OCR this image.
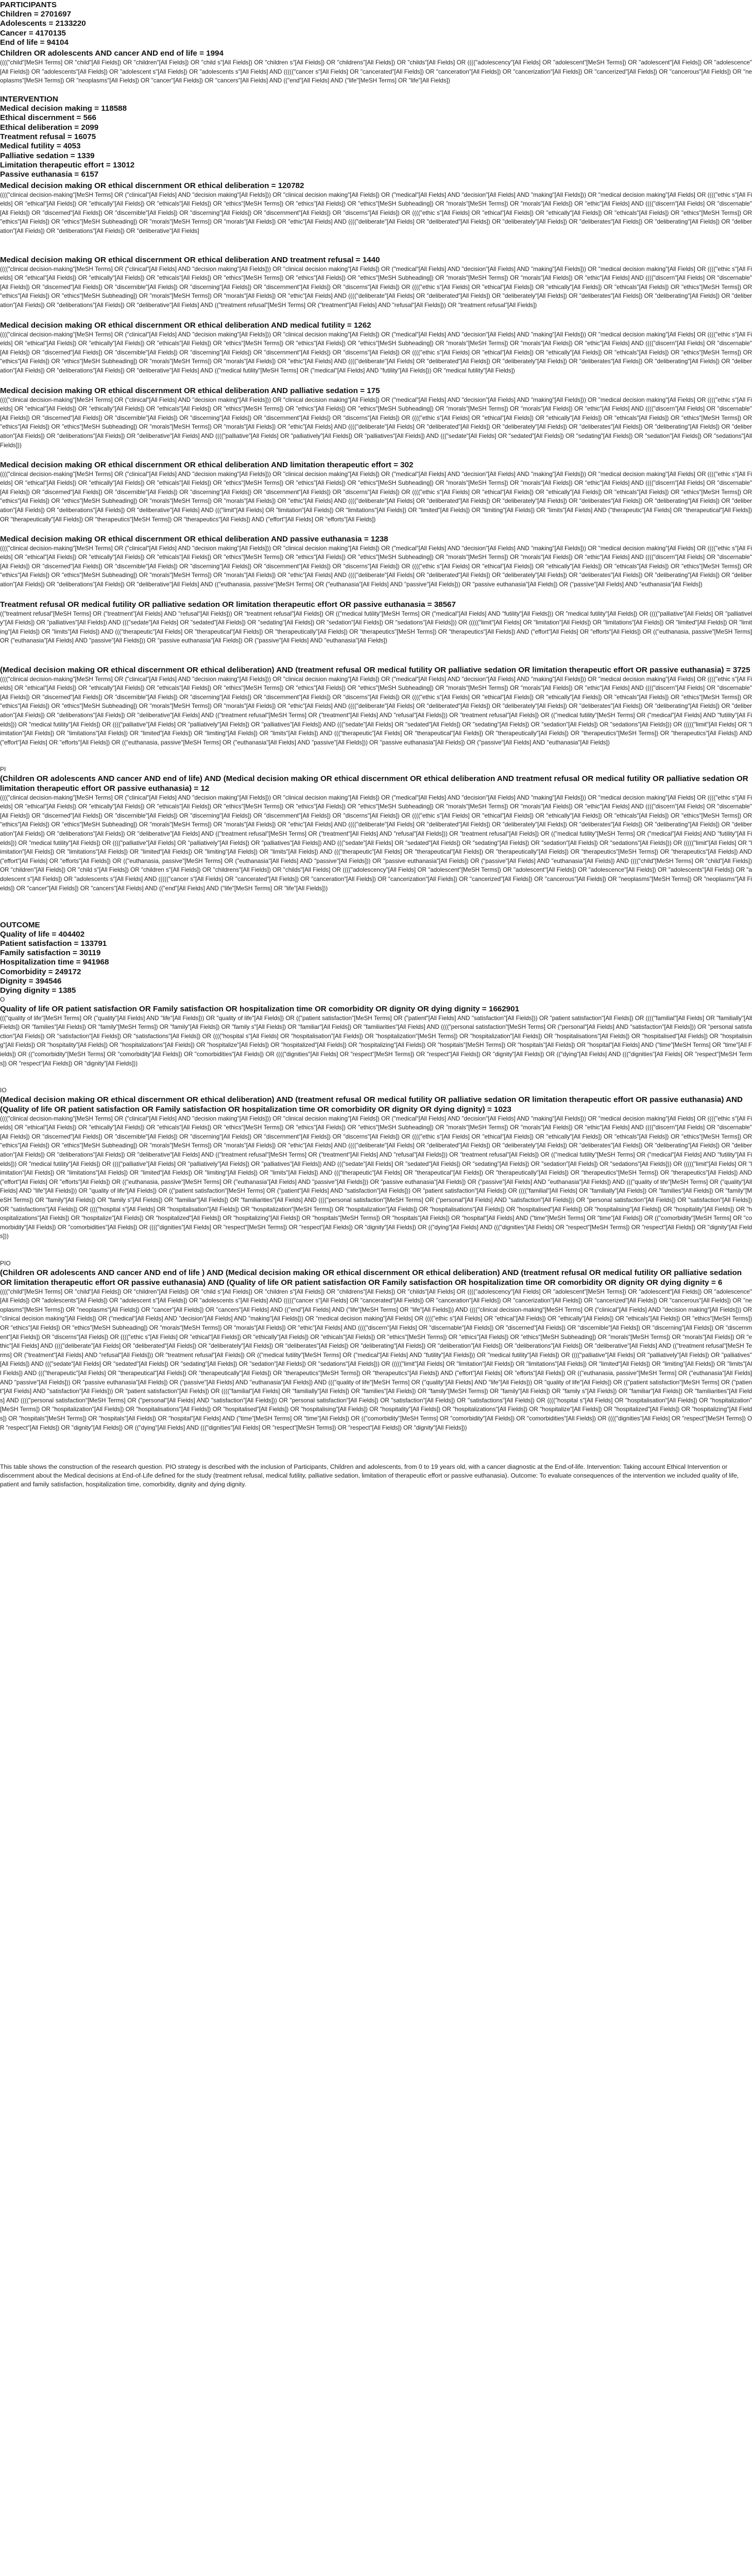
PARTICIPANTS
Children = 2701697
Adolescents = 2133220
Cancer = 4170135
End of life = 94104
Children OR adolescents AND cancer AND end of life = 1994
(((("child"[MeSH Terms] OR "child"[All Fields]) OR "children"[All Fields]) OR "child s"[All Fields]) OR "children s"[All Fields]) OR "childrens"[All Fields]) OR "childs"[All Fields] OR (((("adolescency"[All Fields] OR "adolescent"[MeSH Terms]) OR "adolescent"[All Fields]) OR "adolescence"[All Fields]) OR "adolescents"[All Fields]) OR "adolescent s"[All Fields]) OR "adolescents s"[All Fields] AND ((((("cancer s"[All Fields] OR "cancerated"[All Fields]) OR "canceration"[All Fields]) OR "cancerization"[All Fields]) OR "cancerized"[All Fields]) OR "cancerous"[All Fields]) OR "neoplasms"[MeSH Terms]) OR "neoplasms"[All Fields]) OR "cancer"[All Fields]) OR "cancers"[All Fields] AND (("end"[All Fields] AND ("life"[MeSH Terms] OR "life"[All Fields])
INTERVENTION
Medical decision making = 118588
Ethical discernment = 566
Ethical deliberation = 2099
Treatment refusal = 16075
Medical futility = 4053
Palliative sedation = 1339
Limitation therapeutic effort = 13012
Passive euthanasia = 6157
Medical decision making OR ethical discernment OR ethical deliberation = 120782
(((("clinical decision-making"[MeSH Terms] OR ("clinical"[All Fields] AND "decision making"[All Fields])) OR "clinical decision making"[All Fields]) OR ("medical"[All Fields] AND "decision"[All Fields] AND "making"[All Fields])) OR "medical decision making"[All Fields] OR (((("ethic s"[All Fields] OR "ethical"[All Fields]) OR "ethically"[All Fields]) OR "ethicals"[All Fields]) OR "ethics"[MeSH Terms]) OR "ethics"[All Fields]) OR "ethics"[MeSH Subheading]) OR "morals"[MeSH Terms]) OR "morals"[All Fields]) OR "ethic"[All Fields] AND (((("discern"[All Fields] OR "discernable"[All Fields]) OR "discerned"[All Fields]) OR "discernible"[All Fields]) OR "discerning"[All Fields]) OR "discernment"[All Fields]) OR "discerns"[All Fields]) OR (((("ethic s"[All Fields] OR "ethical"[All Fields]) OR "ethically"[All Fields]) OR "ethicals"[All Fields]) OR "ethics"[MeSH Terms]) OR "ethics"[All Fields]) OR "ethics"[MeSH Subheading]) OR "morals"[MeSH Terms]) OR "morals"[All Fields]) OR "ethic"[All Fields] AND (((("deliberate"[All Fields] OR "deliberated"[All Fields]) OR "deliberately"[All Fields]) OR "deliberates"[All Fields]) OR "deliberating"[All Fields]) OR "deliberation"[All Fields]) OR "deliberations"[All Fields]) OR "deliberative"[All Fields]
Medical decision making OR ethical discernment OR ethical deliberation AND treatment refusal = 1440
(((("clinical decision-making"[MeSH Terms] OR ("clinical"[All Fields] AND "decision making"[All Fields])) OR "clinical decision making"[All Fields]) OR ("medical"[All Fields] AND "decision"[All Fields] AND "making"[All Fields])) OR "medical decision making"[All Fields] OR (((("ethic s"[All Fields] OR "ethical"[All Fields]) OR "ethically"[All Fields]) OR "ethicals"[All Fields]) OR "ethics"[MeSH Terms]) OR "ethics"[All Fields]) OR "ethics"[MeSH Subheading]) OR "morals"[MeSH Terms]) OR "morals"[All Fields]) OR "ethic"[All Fields] AND (((("discern"[All Fields] OR "discernable"[All Fields]) OR "discerned"[All Fields]) OR "discernible"[All Fields]) OR "discerning"[All Fields]) OR "discernment"[All Fields]) OR "discerns"[All Fields]) OR (((("ethic s"[All Fields] OR "ethical"[All Fields]) OR "ethically"[All Fields]) OR "ethicals"[All Fields]) OR "ethics"[MeSH Terms]) OR "ethics"[All Fields]) OR "ethics"[MeSH Subheading]) OR "morals"[MeSH Terms]) OR "morals"[All Fields]) OR "ethic"[All Fields] AND (((("deliberate"[All Fields] OR "deliberated"[All Fields]) OR "deliberately"[All Fields]) OR "deliberates"[All Fields]) OR "deliberating"[All Fields]) OR "deliberation"[All Fields]) OR "deliberations"[All Fields]) OR "deliberative"[All Fields] AND (("treatment refusal"[MeSH Terms] OR ("treatment"[All Fields] AND "refusal"[All Fields])) OR "treatment refusal"[All Fields])
Medical decision making OR ethical discernment OR ethical deliberation AND medical futility = 1262
(((("clinical decision-making"[MeSH Terms] OR ("clinical"[All Fields] AND "decision making"[All Fields])) OR "clinical decision making"[All Fields]) OR ("medical"[All Fields] AND "decision"[All Fields] AND "making"[All Fields])) OR "medical decision making"[All Fields] OR (((("ethic s"[All Fields] OR "ethical"[All Fields]) OR "ethically"[All Fields]) OR "ethicals"[All Fields]) OR "ethics"[MeSH Terms]) OR "ethics"[All Fields]) OR "ethics"[MeSH Subheading]) OR "morals"[MeSH Terms]) OR "morals"[All Fields]) OR "ethic"[All Fields] AND (((("discern"[All Fields] OR "discernable"[All Fields]) OR "discerned"[All Fields]) OR "discernible"[All Fields]) OR "discerning"[All Fields]) OR "discernment"[All Fields]) OR "discerns"[All Fields]) OR (((("ethic s"[All Fields] OR "ethical"[All Fields]) OR "ethically"[All Fields]) OR "ethicals"[All Fields]) OR "ethics"[MeSH Terms]) OR "ethics"[All Fields]) OR "ethics"[MeSH Subheading]) OR "morals"[MeSH Terms]) OR "morals"[All Fields]) OR "ethic"[All Fields] AND (((("deliberate"[All Fields] OR "deliberated"[All Fields]) OR "deliberately"[All Fields]) OR "deliberates"[All Fields]) OR "deliberating"[All Fields]) OR "deliberation"[All Fields]) OR "deliberations"[All Fields]) OR "deliberative"[All Fields] AND (("medical futility"[MeSH Terms] OR ("medical"[All Fields] AND "futility"[All Fields])) OR "medical futility"[All Fields])
Medical decision making OR ethical discernment OR ethical deliberation AND palliative sedation = 175
(((("clinical decision-making"[MeSH Terms] OR ("clinical"[All Fields] AND "decision making"[All Fields])) OR "clinical decision making"[All Fields]) OR ("medical"[All Fields] AND "decision"[All Fields] AND "making"[All Fields])) OR "medical decision making"[All Fields] OR (((("ethic s"[All Fields] OR "ethical"[All Fields]) OR "ethically"[All Fields]) OR "ethicals"[All Fields]) OR "ethics"[MeSH Terms]) OR "ethics"[All Fields]) OR "ethics"[MeSH Subheading]) OR "morals"[MeSH Terms]) OR "morals"[All Fields]) OR "ethic"[All Fields] AND (((("discern"[All Fields] OR "discernable"[All Fields]) OR "discerned"[All Fields]) OR "discernible"[All Fields]) OR "discerning"[All Fields]) OR "discernment"[All Fields]) OR "discerns"[All Fields]) OR (((("ethic s"[All Fields] OR "ethical"[All Fields]) OR "ethically"[All Fields]) OR "ethicals"[All Fields]) OR "ethics"[MeSH Terms]) OR "ethics"[All Fields]) OR "ethics"[MeSH Subheading]) OR "morals"[MeSH Terms]) OR "morals"[All Fields]) OR "ethic"[All Fields] AND (((("deliberate"[All Fields] OR "deliberated"[All Fields]) OR "deliberately"[All Fields]) OR "deliberates"[All Fields]) OR "deliberating"[All Fields]) OR "deliberation"[All Fields]) OR "deliberations"[All Fields]) OR "deliberative"[All Fields] AND (((("palliative"[All Fields] OR "palliatively"[All Fields]) OR "palliatives"[All Fields]) AND ((("sedate"[All Fields] OR "sedated"[All Fields]) OR "sedating"[All Fields]) OR "sedation"[All Fields]) OR "sedations"[All Fields]))
Medical decision making OR ethical discernment OR ethical deliberation AND limitation therapeutic effort = 302
(((("clinical decision-making"[MeSH Terms] OR ("clinical"[All Fields] AND "decision making"[All Fields])) OR "clinical decision making"[All Fields]) OR ("medical"[All Fields] AND "decision"[All Fields] AND "making"[All Fields])) OR "medical decision making"[All Fields] OR (((("ethic s"[All Fields] OR "ethical"[All Fields]) OR "ethically"[All Fields]) OR "ethicals"[All Fields]) OR "ethics"[MeSH Terms]) OR "ethics"[All Fields]) OR "ethics"[MeSH Subheading]) OR "morals"[MeSH Terms]) OR "morals"[All Fields]) OR "ethic"[All Fields] AND (((("discern"[All Fields] OR "discernable"[All Fields]) OR "discerned"[All Fields]) OR "discernible"[All Fields]) OR "discerning"[All Fields]) OR "discernment"[All Fields]) OR "discerns"[All Fields]) OR (((("ethic s"[All Fields] OR "ethical"[All Fields]) OR "ethically"[All Fields]) OR "ethicals"[All Fields]) OR "ethics"[MeSH Terms]) OR "ethics"[All Fields]) OR "ethics"[MeSH Subheading]) OR "morals"[MeSH Terms]) OR "morals"[All Fields]) OR "ethic"[All Fields] AND (((("deliberate"[All Fields] OR "deliberated"[All Fields]) OR "deliberately"[All Fields]) OR "deliberates"[All Fields]) OR "deliberating"[All Fields]) OR "deliberation"[All Fields]) OR "deliberations"[All Fields]) OR "deliberative"[All Fields] AND ((("limit"[All Fields] OR "limitation"[All Fields]) OR "limitations"[All Fields]) OR "limited"[All Fields]) OR "limiting"[All Fields]) OR "limits"[All Fields] AND ("therapeutic"[All Fields] OR "therapeutical"[All Fields]) OR "therapeutically"[All Fields]) OR "therapeutics"[MeSH Terms]) OR "therapeutics"[All Fields]) AND ("effort"[All Fields] OR "efforts"[All Fields])
Medical decision making OR ethical discernment OR ethical deliberation AND passive euthanasia = 1238
(((("clinical decision-making"[MeSH Terms] OR ("clinical"[All Fields] AND "decision making"[All Fields])) OR "clinical decision making"[All Fields]) OR ("medical"[All Fields] AND "decision"[All Fields] AND "making"[All Fields])) OR "medical decision making"[All Fields] OR (((("ethic s"[All Fields] OR "ethical"[All Fields]) OR "ethically"[All Fields]) OR "ethicals"[All Fields]) OR "ethics"[MeSH Terms]) OR "ethics"[All Fields]) OR "ethics"[MeSH Subheading]) OR "morals"[MeSH Terms]) OR "morals"[All Fields]) OR "ethic"[All Fields] AND (((("discern"[All Fields] OR "discernable"[All Fields]) OR "discerned"[All Fields]) OR "discernible"[All Fields]) OR "discerning"[All Fields]) OR "discernment"[All Fields]) OR "discerns"[All Fields]) OR (((("ethic s"[All Fields] OR "ethical"[All Fields]) OR "ethically"[All Fields]) OR "ethicals"[All Fields]) OR "ethics"[MeSH Terms]) OR "ethics"[All Fields]) OR "ethics"[MeSH Subheading]) OR "morals"[MeSH Terms]) OR "morals"[All Fields]) OR "ethic"[All Fields] AND (((("deliberate"[All Fields] OR "deliberated"[All Fields]) OR "deliberately"[All Fields]) OR "deliberates"[All Fields]) OR "deliberating"[All Fields]) OR "deliberation"[All Fields]) OR "deliberations"[All Fields]) OR "deliberative"[All Fields] AND (("euthanasia, passive"[MeSH Terms] OR ("euthanasia"[All Fields] AND "passive"[All Fields])) OR "passive euthanasia"[All Fields]) OR ("passive"[All Fields] AND "euthanasia"[All Fields])
Treatment refusal OR medical futility OR palliative sedation OR limitation therapeutic effort OR passive euthanasia = 38567
(("treatment refusal"[MeSH Terms] OR ("treatment"[All Fields] AND "refusal"[All Fields])) OR "treatment refusal"[All Fields]) OR (("medical futility"[MeSH Terms] OR ("medical"[All Fields] AND "futility"[All Fields])) OR "medical futility"[All Fields]) OR (((("palliative"[All Fields] OR "palliatively"[All Fields]) OR "palliatives"[All Fields]) AND ((("sedate"[All Fields] OR "sedated"[All Fields]) OR "sedating"[All Fields]) OR "sedation"[All Fields]) OR "sedations"[All Fields])) OR ((((("limit"[All Fields] OR "limitation"[All Fields]) OR "limitations"[All Fields]) OR "limited"[All Fields]) OR "limiting"[All Fields]) OR "limits"[All Fields]) AND ((("therapeutic"[All Fields] OR "therapeutical"[All Fields]) OR "therapeutically"[All Fields]) OR "therapeutics"[MeSH Terms]) OR "therapeutics"[All Fields]) AND ("effort"[All Fields] OR "efforts"[All Fields]) OR (("euthanasia, passive"[MeSH Terms] OR ("euthanasia"[All Fields] AND "passive"[All Fields])) OR "passive euthanasia"[All Fields]) OR ("passive"[All Fields] AND "euthanasia"[All Fields])
(Medical decision making OR ethical discernment OR ethical deliberation) AND (treatment refusal OR medical futility OR palliative sedation OR limitation therapeutic effort OR passive euthanasia) = 3725
(((("clinical decision-making"[MeSH Terms] OR ("clinical"[All Fields] AND "decision making"[All Fields])) OR "clinical decision making"[All Fields]) OR ("medical"[All Fields] AND "decision"[All Fields] AND "making"[All Fields])) OR "medical decision making"[All Fields] OR (((("ethic s"[All Fields] OR "ethical"[All Fields]) OR "ethically"[All Fields]) OR "ethicals"[All Fields]) OR "ethics"[MeSH Terms]) OR "ethics"[All Fields]) OR "ethics"[MeSH Subheading]) OR "morals"[MeSH Terms]) OR "morals"[All Fields]) OR "ethic"[All Fields] AND (((("discern"[All Fields] OR "discernable"[All Fields]) OR "discerned"[All Fields]) OR "discernible"[All Fields]) OR "discerning"[All Fields]) OR "discernment"[All Fields]) OR "discerns"[All Fields]) OR (((("ethic s"[All Fields] OR "ethical"[All Fields]) OR "ethically"[All Fields]) OR "ethicals"[All Fields]) OR "ethics"[MeSH Terms]) OR "ethics"[All Fields]) OR "ethics"[MeSH Subheading]) OR "morals"[MeSH Terms]) OR "morals"[All Fields]) OR "ethic"[All Fields] AND (((("deliberate"[All Fields] OR "deliberated"[All Fields]) OR "deliberately"[All Fields]) OR "deliberates"[All Fields]) OR "deliberating"[All Fields]) OR "deliberation"[All Fields]) OR "deliberations"[All Fields]) OR "deliberative"[All Fields] AND (("treatment refusal"[MeSH Terms] OR ("treatment"[All Fields] AND "refusal"[All Fields])) OR "treatment refusal"[All Fields]) OR (("medical futility"[MeSH Terms] OR ("medical"[All Fields] AND "futility"[All Fields])) OR "medical futility"[All Fields]) OR (((("palliative"[All Fields] OR "palliatively"[All Fields]) OR "palliatives"[All Fields]) AND ((("sedate"[All Fields] OR "sedated"[All Fields]) OR "sedating"[All Fields]) OR "sedation"[All Fields]) OR "sedations"[All Fields])) OR ((((("limit"[All Fields] OR "limitation"[All Fields]) OR "limitations"[All Fields]) OR "limited"[All Fields]) OR "limiting"[All Fields]) OR "limits"[All Fields]) AND ((("therapeutic"[All Fields] OR "therapeutical"[All Fields]) OR "therapeutically"[All Fields]) OR "therapeutics"[MeSH Terms]) OR "therapeutics"[All Fields]) AND ("effort"[All Fields] OR "efforts"[All Fields]) OR (("euthanasia, passive"[MeSH Terms] OR ("euthanasia"[All Fields] AND "passive"[All Fields])) OR "passive euthanasia"[All Fields]) OR ("passive"[All Fields] AND "euthanasia"[All Fields])
PI
(Children OR adolescents AND cancer AND end of life) AND (Medical decision making OR ethical discernment OR ethical deliberation AND treatment refusal OR medical futility OR palliative sedation OR limitation therapeutic effort OR passive euthanasia) = 12
(((("clinical decision-making"[MeSH Terms] OR ("clinical"[All Fields] AND "decision making"[All Fields])) OR "clinical decision making"[All Fields]) OR ("medical"[All Fields] AND "decision"[All Fields] AND "making"[All Fields])) OR "medical decision making"[All Fields] OR (((("ethic s"[All Fields] OR "ethical"[All Fields]) OR "ethically"[All Fields]) OR "ethicals"[All Fields]) OR "ethics"[MeSH Terms]) OR "ethics"[All Fields]) OR "ethics"[MeSH Subheading]) OR "morals"[MeSH Terms]) OR "morals"[All Fields]) OR "ethic"[All Fields] AND (((("discern"[All Fields] OR "discernable"[All Fields]) OR "discerned"[All Fields]) OR "discernible"[All Fields]) OR "discerning"[All Fields]) OR "discernment"[All Fields]) OR "discerns"[All Fields]) OR (((("ethic s"[All Fields] OR "ethical"[All Fields]) OR "ethically"[All Fields]) OR "ethicals"[All Fields]) OR "ethics"[MeSH Terms]) OR "ethics"[All Fields]) OR "ethics"[MeSH Subheading]) OR "morals"[MeSH Terms]) OR "morals"[All Fields]) OR "ethic"[All Fields] AND (((("deliberate"[All Fields] OR "deliberated"[All Fields]) OR "deliberately"[All Fields]) OR "deliberates"[All Fields]) OR "deliberating"[All Fields]) OR "deliberation"[All Fields]) OR "deliberations"[All Fields]) OR "deliberative"[All Fields] AND (("treatment refusal"[MeSH Terms] OR ("treatment"[All Fields] AND "refusal"[All Fields])) OR "treatment refusal"[All Fields]) OR (("medical futility"[MeSH Terms] OR ("medical"[All Fields] AND "futility"[All Fields])) OR "medical futility"[All Fields]) OR (((("palliative"[All Fields] OR "palliatively"[All Fields]) OR "palliatives"[All Fields]) AND ((("sedate"[All Fields] OR "sedated"[All Fields]) OR "sedating"[All Fields]) OR "sedation"[All Fields]) OR "sedations"[All Fields])) OR ((((("limit"[All Fields] OR "limitation"[All Fields]) OR "limitations"[All Fields]) OR "limited"[All Fields]) OR "limiting"[All Fields]) OR "limits"[All Fields]) AND ((("therapeutic"[All Fields] OR "therapeutical"[All Fields]) OR "therapeutically"[All Fields]) OR "therapeutics"[MeSH Terms]) OR "therapeutics"[All Fields]) AND ("effort"[All Fields] OR "efforts"[All Fields]) OR (("euthanasia, passive"[MeSH Terms] OR ("euthanasia"[All Fields] AND "passive"[All Fields])) OR "passive euthanasia"[All Fields]) OR ("passive"[All Fields] AND "euthanasia"[All Fields]) AND (((("child"[MeSH Terms] OR "child"[All Fields]) OR "children"[All Fields]) OR "child s"[All Fields]) OR "children s"[All Fields]) OR "childrens"[All Fields]) OR "childs"[All Fields] OR (((("adolescency"[All Fields] OR "adolescent"[MeSH Terms]) OR "adolescent"[All Fields]) OR "adolescence"[All Fields]) OR "adolescents"[All Fields]) OR "adolescent s"[All Fields]) OR "adolescents s"[All Fields] AND ((((("cancer s"[All Fields] OR "cancerated"[All Fields]) OR "canceration"[All Fields]) OR "cancerization"[All Fields]) OR "cancerized"[All Fields]) OR "cancerous"[All Fields]) OR "neoplasms"[MeSH Terms]) OR "neoplasms"[All Fields]) OR "cancer"[All Fields]) OR "cancers"[All Fields] AND (("end"[All Fields] AND ("life"[MeSH Terms] OR "life"[All Fields]))
OUTCOME
Quality of life = 404402
Patient satisfaction = 133791
Family satisfaction = 30119
Hospitalization time = 941968
Comorbidity = 249172
Dignity = 394546
Dying dignity = 1385
O
Quality of life OR patient satisfaction OR Family satisfaction OR hospitalization time OR comorbidity OR dignity OR dying dignity = 1662901
((("quality of life"[MeSH Terms] OR ("quality"[All Fields] AND "life"[All Fields])) OR "quality of life"[All Fields]) OR (("patient satisfaction"[MeSH Terms] OR ("patient"[All Fields] AND "satisfaction"[All Fields])) OR "patient satisfaction"[All Fields]) OR (((("familial"[All Fields] OR "familially"[All Fields]) OR "families"[All Fields]) OR "family"[MeSH Terms]) OR "family"[All Fields]) OR "family s"[All Fields]) OR "familiar"[All Fields]) OR "familiarities"[All Fields] AND (((("personal satisfaction"[MeSH Terms] OR ("personal"[All Fields] AND "satisfaction"[All Fields])) OR "personal satisfaction"[All Fields]) OR "satisfaction"[All Fields]) OR "satisfactions"[All Fields]) OR (((("hospital s"[All Fields] OR "hospitalisation"[All Fields]) OR "hospitalization"[MeSH Terms]) OR "hospitalization"[All Fields]) OR "hospitalisations"[All Fields]) OR "hospitalised"[All Fields]) OR "hospitalising"[All Fields]) OR "hospitality"[All Fields]) OR "hospitalizations"[All Fields]) OR "hospitalize"[All Fields]) OR "hospitalized"[All Fields]) OR "hospitalizing"[All Fields]) OR "hospitals"[MeSH Terms]) OR "hospitals"[All Fields]) OR "hospital"[All Fields] AND ("time"[MeSH Terms] OR "time"[All Fields]) OR (("comorbidity"[MeSH Terms] OR "comorbidity"[All Fields]) OR "comorbidities"[All Fields]) OR (((("dignities"[All Fields] OR "respect"[MeSH Terms]) OR "respect"[All Fields]) OR "dignity"[All Fields]) OR (("dying"[All Fields] AND ((("dignities"[All Fields] OR "respect"[MeSH Terms]) OR "respect"[All Fields]) OR "dignity"[All Fields]))
IO
(Medical decision making OR ethical discernment OR ethical deliberation) AND (treatment refusal OR medical futility OR palliative sedation OR limitation therapeutic effort OR passive euthanasia) AND (Quality of life OR patient satisfaction OR Family satisfaction OR hospitalization time OR comorbidity OR dignity OR dying dignity) = 1023
(((("clinical decision-making"[MeSH Terms] OR ("clinical"[All Fields] AND "decision making"[All Fields])) OR "clinical decision making"[All Fields]) OR ("medical"[All Fields] AND "decision"[All Fields] AND "making"[All Fields])) OR "medical decision making"[All Fields] OR (((("ethic s"[All Fields] OR "ethical"[All Fields]) OR "ethically"[All Fields]) OR "ethicals"[All Fields]) OR "ethics"[MeSH Terms]) OR "ethics"[All Fields]) OR "ethics"[MeSH Subheading]) OR "morals"[MeSH Terms]) OR "morals"[All Fields]) OR "ethic"[All Fields] AND (((("discern"[All Fields] OR "discernable"[All Fields]) OR "discerned"[All Fields]) OR "discernible"[All Fields]) OR "discerning"[All Fields]) OR "discernment"[All Fields]) OR "discerns"[All Fields]) OR (((("ethic s"[All Fields] OR "ethical"[All Fields]) OR "ethically"[All Fields]) OR "ethicals"[All Fields]) OR "ethics"[MeSH Terms]) OR "ethics"[All Fields]) OR "ethics"[MeSH Subheading]) OR "morals"[MeSH Terms]) OR "morals"[All Fields]) OR "ethic"[All Fields] AND (((("deliberate"[All Fields] OR "deliberated"[All Fields]) OR "deliberately"[All Fields]) OR "deliberates"[All Fields]) OR "deliberating"[All Fields]) OR "deliberation"[All Fields]) OR "deliberations"[All Fields]) OR "deliberative"[All Fields] AND (("treatment refusal"[MeSH Terms] OR ("treatment"[All Fields] AND "refusal"[All Fields])) OR "treatment refusal"[All Fields]) OR (("medical futility"[MeSH Terms] OR ("medical"[All Fields] AND "futility"[All Fields])) OR "medical futility"[All Fields]) OR (((("palliative"[All Fields] OR "palliatively"[All Fields]) OR "palliatives"[All Fields]) AND ((("sedate"[All Fields] OR "sedated"[All Fields]) OR "sedating"[All Fields]) OR "sedation"[All Fields]) OR "sedations"[All Fields])) OR ((((("limit"[All Fields] OR "limitation"[All Fields]) OR "limitations"[All Fields]) OR "limited"[All Fields]) OR "limiting"[All Fields]) OR "limits"[All Fields]) AND ((("therapeutic"[All Fields] OR "therapeutical"[All Fields]) OR "therapeutically"[All Fields]) OR "therapeutics"[MeSH Terms]) OR "therapeutics"[All Fields]) AND ("effort"[All Fields] OR "efforts"[All Fields]) OR (("euthanasia, passive"[MeSH Terms] OR ("euthanasia"[All Fields] AND "passive"[All Fields])) OR "passive euthanasia"[All Fields]) OR ("passive"[All Fields] AND "euthanasia"[All Fields]) AND ((("quality of life"[MeSH Terms] OR ("quality"[All Fields] AND "life"[All Fields])) OR "quality of life"[All Fields]) OR (("patient satisfaction"[MeSH Terms] OR ("patient"[All Fields] AND "satisfaction"[All Fields])) OR "patient satisfaction"[All Fields]) OR (((("familial"[All Fields] OR "familially"[All Fields]) OR "families"[All Fields]) OR "family"[MeSH Terms]) OR "family"[All Fields]) OR "family s"[All Fields]) OR "familiar"[All Fields]) OR "familiarities"[All Fields] AND (((("personal satisfaction"[MeSH Terms] OR ("personal"[All Fields] AND "satisfaction"[All Fields])) OR "personal satisfaction"[All Fields]) OR "satisfaction"[All Fields]) OR "satisfactions"[All Fields]) OR (((("hospital s"[All Fields] OR "hospitalisation"[All Fields]) OR "hospitalization"[MeSH Terms]) OR "hospitalization"[All Fields]) OR "hospitalisations"[All Fields]) OR "hospitalised"[All Fields]) OR "hospitalising"[All Fields]) OR "hospitality"[All Fields]) OR "hospitalizations"[All Fields]) OR "hospitalize"[All Fields]) OR "hospitalized"[All Fields]) OR "hospitalizing"[All Fields]) OR "hospitals"[MeSH Terms]) OR "hospitals"[All Fields]) OR "hospital"[All Fields] AND ("time"[MeSH Terms] OR "time"[All Fields]) OR (("comorbidity"[MeSH Terms] OR "comorbidity"[All Fields]) OR "comorbidities"[All Fields]) OR (((("dignities"[All Fields] OR "respect"[MeSH Terms]) OR "respect"[All Fields]) OR "dignity"[All Fields]) OR (("dying"[All Fields] AND ((("dignities"[All Fields] OR "respect"[MeSH Terms]) OR "respect"[All Fields]) OR "dignity"[All Fields]))
PIO
(Children OR adolescents AND cancer AND end of life ) AND (Medical decision making OR ethical discernment OR ethical deliberation) AND (treatment refusal OR medical futility OR palliative sedation OR limitation therapeutic effort OR passive euthanasia) AND (Quality of life OR patient satisfaction OR Family satisfaction OR hospitalization time OR comorbidity OR dignity OR dying dignity = 6
(((("child"[MeSH Terms] OR "child"[All Fields]) OR "children"[All Fields]) OR "child s"[All Fields]) OR "children s"[All Fields]) OR "childrens"[All Fields]) OR "childs"[All Fields] OR (((("adolescency"[All Fields] OR "adolescent"[MeSH Terms]) OR "adolescent"[All Fields]) OR "adolescence"[All Fields]) OR "adolescents"[All Fields]) OR "adolescent s"[All Fields]) OR "adolescents s"[All Fields] AND ((((("cancer s"[All Fields] OR "cancerated"[All Fields]) OR "canceration"[All Fields]) OR "cancerization"[All Fields]) OR "cancerized"[All Fields]) OR "cancerous"[All Fields]) OR "neoplasms"[MeSH Terms]) OR "neoplasms"[All Fields]) OR "cancer"[All Fields]) OR "cancers"[All Fields] AND (("end"[All Fields] AND ("life"[MeSH Terms] OR "life"[All Fields])) AND (((("clinical decision-making"[MeSH Terms] OR ("clinical"[All Fields] AND "decision making"[All Fields])) OR "clinical decision making"[All Fields]) OR ("medical"[All Fields] AND "decision"[All Fields] AND "making"[All Fields])) OR "medical decision making"[All Fields] OR (((("ethic s"[All Fields] OR "ethical"[All Fields]) OR "ethically"[All Fields]) OR "ethicals"[All Fields]) OR "ethics"[MeSH Terms]) OR "ethics"[All Fields]) OR "ethics"[MeSH Subheading]) OR "morals"[MeSH Terms]) OR "morals"[All Fields]) OR "ethic"[All Fields] AND (((("discern"[All Fields] OR "discernable"[All Fields]) OR "discerned"[All Fields]) OR "discernible"[All Fields]) OR "discerning"[All Fields]) OR "discernment"[All Fields]) OR "discerns"[All Fields]) OR (((("ethic s"[All Fields] OR "ethical"[All Fields]) OR "ethically"[All Fields]) OR "ethicals"[All Fields]) OR "ethics"[MeSH Terms]) OR "ethics"[All Fields]) OR "ethics"[MeSH Subheading]) OR "morals"[MeSH Terms]) OR "morals"[All Fields]) OR "ethic"[All Fields] AND (((("deliberate"[All Fields] OR "deliberated"[All Fields]) OR "deliberately"[All Fields]) OR "deliberates"[All Fields]) OR "deliberating"[All Fields]) OR "deliberation"[All Fields]) OR "deliberations"[All Fields]) OR "deliberative"[All Fields] AND (("treatment refusal"[MeSH Terms] OR ("treatment"[All Fields] AND "refusal"[All Fields])) OR "treatment refusal"[All Fields]) OR (("medical futility"[MeSH Terms] OR ("medical"[All Fields] AND "futility"[All Fields])) OR "medical futility"[All Fields]) OR (((("palliative"[All Fields] OR "palliatively"[All Fields]) OR "palliatives"[All Fields]) AND ((("sedate"[All Fields] OR "sedated"[All Fields]) OR "sedating"[All Fields]) OR "sedation"[All Fields]) OR "sedations"[All Fields])) OR ((((("limit"[All Fields] OR "limitation"[All Fields]) OR "limitations"[All Fields]) OR "limited"[All Fields]) OR "limiting"[All Fields]) OR "limits"[All Fields]) AND ((("therapeutic"[All Fields] OR "therapeutical"[All Fields]) OR "therapeutically"[All Fields]) OR "therapeutics"[MeSH Terms]) OR "therapeutics"[All Fields]) AND ("effort"[All Fields] OR "efforts"[All Fields]) OR (("euthanasia, passive"[MeSH Terms] OR ("euthanasia"[All Fields] AND "passive"[All Fields])) OR "passive euthanasia"[All Fields]) OR ("passive"[All Fields] AND "euthanasia"[All Fields]) AND ((("quality of life"[MeSH Terms] OR ("quality"[All Fields] AND "life"[All Fields])) OR "quality of life"[All Fields]) OR (("patient satisfaction"[MeSH Terms] OR ("patient"[All Fields] AND "satisfaction"[All Fields])) OR "patient satisfaction"[All Fields]) OR (((("familial"[All Fields] OR "familially"[All Fields]) OR "families"[All Fields]) OR "family"[MeSH Terms]) OR "family"[All Fields]) OR "family s"[All Fields]) OR "familiar"[All Fields]) OR "familiarities"[All Fields] AND (((("personal satisfaction"[MeSH Terms] OR ("personal"[All Fields] AND "satisfaction"[All Fields])) OR "personal satisfaction"[All Fields]) OR "satisfaction"[All Fields]) OR "satisfactions"[All Fields]) OR (((("hospital s"[All Fields] OR "hospitalisation"[All Fields]) OR "hospitalization"[MeSH Terms]) OR "hospitalization"[All Fields]) OR "hospitalisations"[All Fields]) OR "hospitalised"[All Fields]) OR "hospitalising"[All Fields]) OR "hospitality"[All Fields]) OR "hospitalizations"[All Fields]) OR "hospitalize"[All Fields]) OR "hospitalized"[All Fields]) OR "hospitalizing"[All Fields]) OR "hospitals"[MeSH Terms]) OR "hospitals"[All Fields]) OR "hospital"[All Fields] AND ("time"[MeSH Terms] OR "time"[All Fields]) OR (("comorbidity"[MeSH Terms] OR "comorbidity"[All Fields]) OR "comorbidities"[All Fields]) OR (((("dignities"[All Fields] OR "respect"[MeSH Terms]) OR "respect"[All Fields]) OR "dignity"[All Fields]) OR (("dying"[All Fields] AND ((("dignities"[All Fields] OR "respect"[MeSH Terms]) OR "respect"[All Fields]) OR "dignity"[All Fields]))
This table shows the construction of the research question. PIO strategy is described with the inclusion of Participants, Children and adolescents, from 0 to 19 years old, with a cancer diagnostic at the End-of-life. Intervention: Taking account Ethical Intervention or discernment about the Medical decisions at End-of-Life defined for the study (treatment refusal, medical futility, palliative sedation, limitation of therapeutic effort or passive euthanasia). Outcome: To evaluate consequences of the intervention we included quality of life, patient and family satisfaction, hospitalization time, comorbidity, dignity and dying dignity.
